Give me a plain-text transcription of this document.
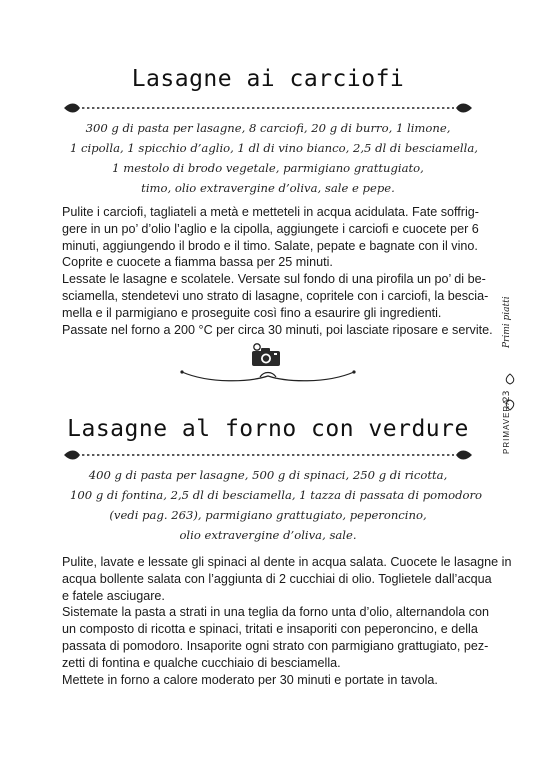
Lasagne ai carciofi
300 g di pasta per lasagne, 8 carciofi, 20 g di burro, 1 limone,
1 cipolla, 1 spicchio d’aglio, 1 dl di vino bianco, 2,5 dl di besciamella,
1 mestolo di brodo vegetale, parmigiano grattugiato,
timo, olio extravergine d’oliva, sale e pepe.
Pulite i carciofi, tagliateli a metà e metteteli in acqua acidulata. Fate soffrig-
gere in un po’ d’olio l’aglio e la cipolla, aggiungete i carciofi e cuocete per 6
minuti, aggiungendo il brodo e il timo. Salate, pepate e bagnate con il vino.
Coprite e cuocete a fiamma bassa per 25 minuti.
Lessate le lasagne e scolatele. Versate sul fondo di una pirofila un po’ di be-
sciamella, stendetevi uno strato di lasagne, copritele con i carciofi, la bescia-
mella e il parmigiano e proseguite così fino a esaurire gli ingredienti.
Passate nel forno a 200 °C per circa 30 minuti, poi lasciate riposare e servite.
Lasagne al forno con verdure
400 g di pasta per lasagne, 500 g di spinaci, 250 g di ricotta,
100 g di fontina, 2,5 dl di besciamella, 1 tazza di passata di pomodoro
(vedi pag. 263), parmigiano grattugiato, peperoncino,
olio extravergine d’oliva, sale.
Pulite, lavate e lessate gli spinaci al dente in acqua salata. Cuocete le lasagne in
acqua bollente salata con l’aggiunta di 2 cucchiai di olio. Toglietele dall’acqua
e fatele asciugare.
Sistemate la pasta a strati in una teglia da forno unta d’olio, alternandola con
un composto di ricotta e spinaci, tritati e insaporiti con peperoncino, e della
passata di pomodoro. Insaporite ogni strato con parmigiano grattugiato, pez-
zetti di fontina e qualche cucchiaio di besciamella.
Mettete in forno a calore moderato per 30 minuti e portate in tavola.
PRIMAVERA
23
Primi piatti
